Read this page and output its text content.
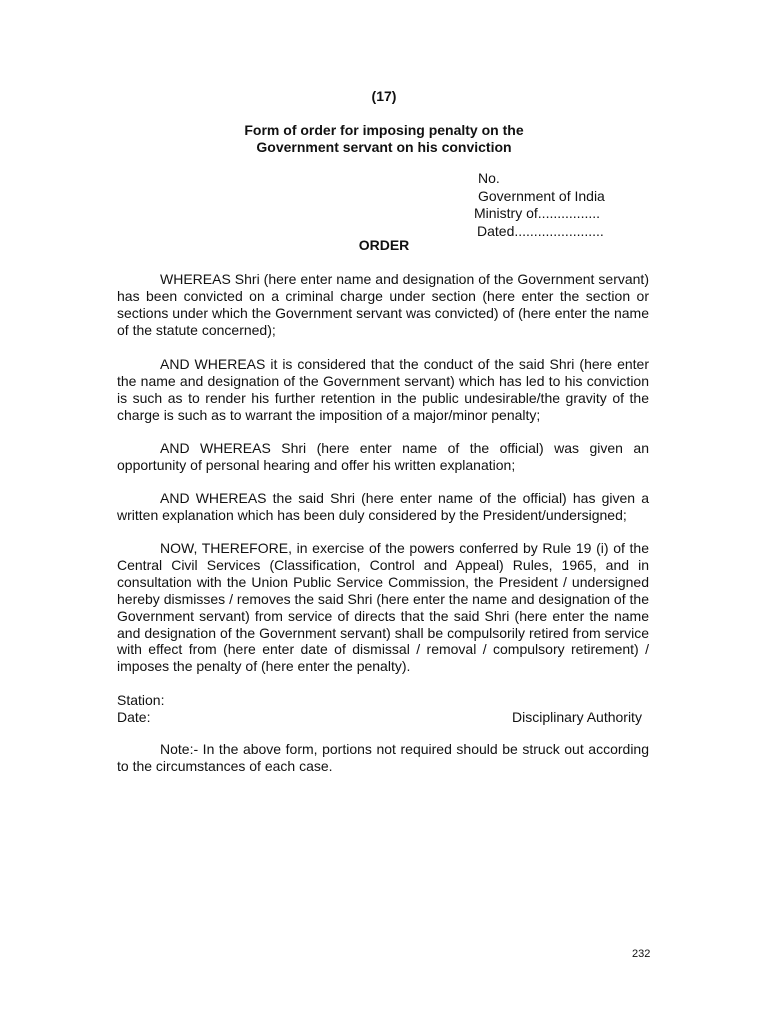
(17)
Form of order for imposing penalty on the
Government servant on his conviction
No.
Government of India
Ministry of................
Dated.......................
ORDER

WHEREAS Shri (here enter name and designation of the Government servant) has been convicted on a criminal charge under section (here enter the section or sections under which the Government servant was convicted) of (here enter the name of the statute concerned);

AND WHEREAS it is considered that the conduct of the said Shri (here enter the name and designation of the Government servant) which has led to his conviction is such as to render his further retention in the public undesirable/the gravity of the charge is such as to warrant the imposition of a major/minor penalty;

AND WHEREAS Shri (here enter name of the official) was given an opportunity of personal hearing and offer his written explanation;

AND WHEREAS the said Shri (here enter name of the official) has given a written explanation which has been duly considered by the President/undersigned;

NOW, THEREFORE, in exercise of the powers conferred by Rule 19 (i) of the Central Civil Services (Classification, Control and Appeal) Rules, 1965, and in consultation with the Union Public Service Commission, the President / undersigned hereby dismisses / removes the said Shri (here enter the name and designation of the Government servant) from service of directs that the said Shri (here enter the name and designation of the Government servant) shall be compulsorily retired from service with effect from (here enter date of dismissal / removal / compulsory retirement) / imposes the penalty of (here enter the penalty).

Station:
Date:	Disciplinary Authority

Note:- In the above form, portions not required should be struck out according to the circumstances of each case.

232
